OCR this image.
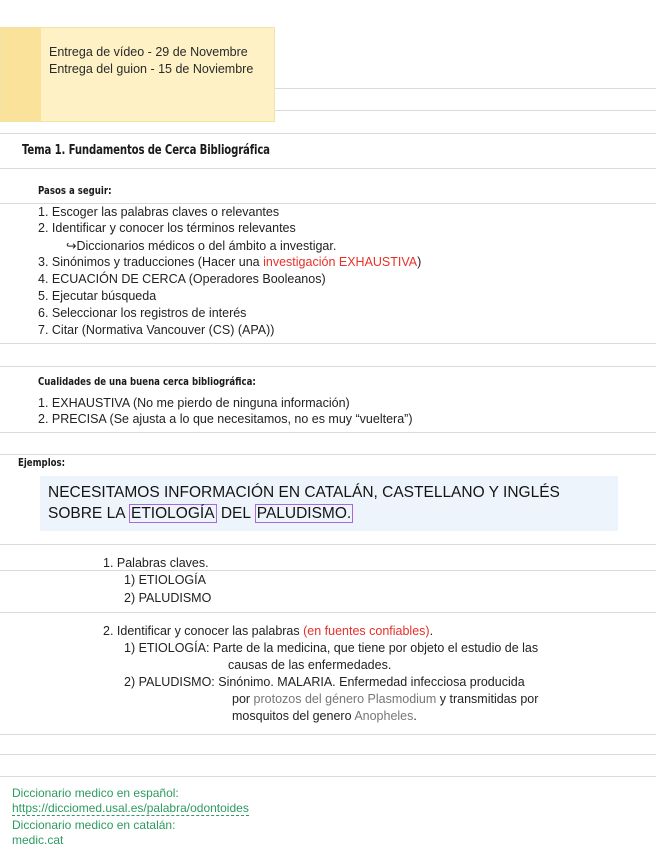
Entrega de vídeo - 29 de Novembre
Entrega del guion - 15 de Noviembre
Tema 1. Fundamentos de Cerca Bibliográfica
Pasos a seguir:
1. Escoger las palabras claves o relevantes
2. Identificar y conocer los términos relevantes
↪Diccionarios médicos o del ámbito a investigar.
3. Sinónimos y traducciones (Hacer una investigación EXHAUSTIVA)
4. ECUACIÓN DE CERCA (Operadores Booleanos)
5. Ejecutar búsqueda
6. Seleccionar los registros de interés
7. Citar (Normativa Vancouver (CS) (APA))
Cualidades de una buena cerca bibliográfica:
1. EXHAUSTIVA (No me pierdo de ninguna información)
2. PRECISA (Se ajusta a lo que necesitamos, no es muy “vueltera”)
Ejemplos:
NECESITAMOS INFORMACIÓN EN CATALÁN, CASTELLANO Y INGLÉS
SOBRE LA ETIOLOGÍA DEL PALUDISMO.
1. Palabras claves.
1) ETIOLOGÍA
2) PALUDISMO
2. Identificar y conocer las palabras (en fuentes confiables).
1) ETIOLOGÍA: Parte de la medicina, que tiene por objeto el estudio de las
causas de las enfermedades.
2) PALUDISMO: Sinónimo. MALARIA. Enfermedad infecciosa producida
por protozos del género Plasmodium y transmitidas por
mosquitos del genero Anopheles.
Diccionario medico en español:
https://dicciomed.usal.es/palabra/odontoides
Diccionario medico en catalán:
medic.cat
